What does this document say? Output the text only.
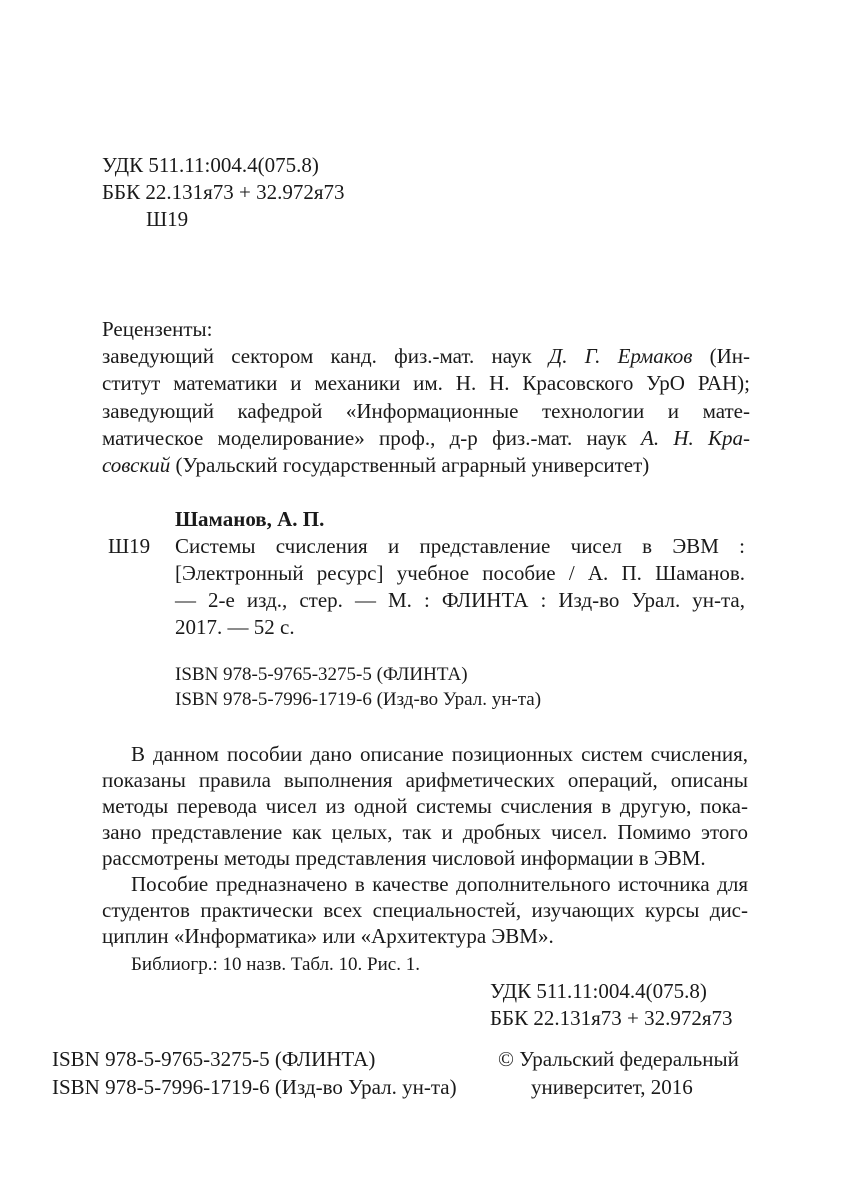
УДК 511.11:004.4(075.8)
ББК 22.131я73 + 32.972я73
Ш19
Рецензенты:
заведующий сектором канд. физ.-мат. наук Д. Г. Ермаков (Ин-
ститут математики и механики им. Н. Н. Красовского УрО РАН);
заведующий кафедрой «Информационные технологии и мате-
матическое моделирование» проф., д-р физ.-мат. наук А. Н. Кра-
совский (Уральский государственный аграрный университет)
Шаманов, А. П.
Ш19 Системы счисления и представление чисел в ЭВМ :
[Электронный ресурс] учебное пособие / А. П. Шаманов.
— 2-е изд., стер. — М. : ФЛИНТА : Изд-во Урал. ун-та,
2017. — 52 с.
ISBN 978-5-9765-3275-5 (ФЛИНТА)
ISBN 978-5-7996-1719-6 (Изд-во Урал. ун-та)
В данном пособии дано описание позиционных систем счисления,
показаны правила выполнения арифметических операций, описаны
методы перевода чисел из одной системы счисления в другую, пока-
зано представление как целых, так и дробных чисел. Помимо этого
рассмотрены методы представления числовой информации в ЭВМ.
Пособие предназначено в качестве дополнительного источника для
студентов практически всех специальностей, изучающих курсы дис-
циплин «Информатика» или «Архитектура ЭВМ».
Библиогр.: 10 назв. Табл. 10. Рис. 1.
УДК 511.11:004.4(075.8)
ББК 22.131я73 + 32.972я73
ISBN 978-5-9765-3275-5 (ФЛИНТА)
ISBN 978-5-7996-1719-6 (Изд-во Урал. ун-та)
© Уральский федеральный
университет, 2016
